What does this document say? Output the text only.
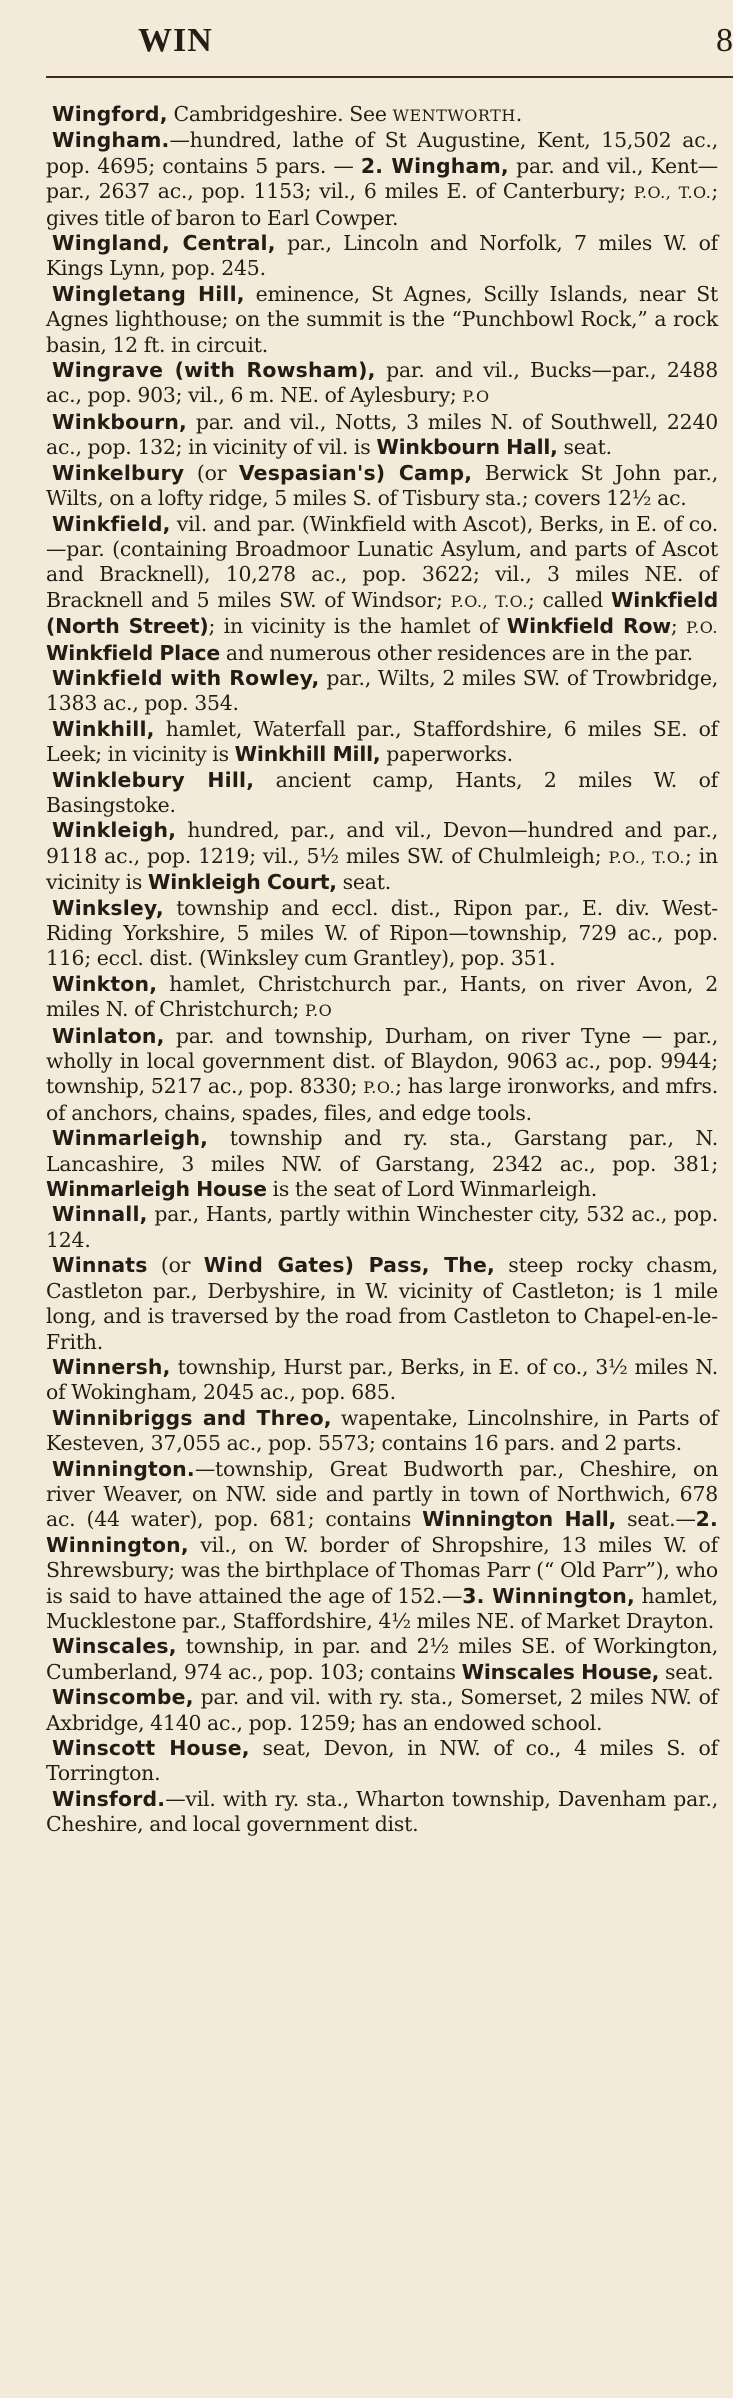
WIN	8

Wingford, Cambridgeshire. See WENTWORTH.

Wingham.—hundred, lathe of St Augustine, Kent, 15,502 ac., pop. 4695; contains 5 pars. — 2. Wingham, par. and vil., Kent—par., 2637 ac., pop. 1153; vil., 6 miles E. of Canterbury; P.O., T.O.; gives title of baron to Earl Cowper.

Wingland, Central, par., Lincoln and Norfolk, 7 miles W. of Kings Lynn, pop. 245.

Wingletang Hill, eminence, St Agnes, Scilly Islands, near St Agnes lighthouse; on the summit is the “Punchbowl Rock,” a rock basin, 12 ft. in circuit.

Wingrave (with Rowsham), par. and vil., Bucks—par., 2488 ac., pop. 903; vil., 6 m. NE. of Aylesbury; P.O

Winkbourn, par. and vil., Notts, 3 miles N. of Southwell, 2240 ac., pop. 132; in vicinity of vil. is Winkbourn Hall, seat.

Winkelbury (or Vespasian's) Camp, Berwick St John par., Wilts, on a lofty ridge, 5 miles S. of Tisbury sta.; covers 12½ ac.

Winkfield, vil. and par. (Winkfield with Ascot), Berks, in E. of co.—par. (containing Broadmoor Lunatic Asylum, and parts of Ascot and Bracknell), 10,278 ac., pop. 3622; vil., 3 miles NE. of Bracknell and 5 miles SW. of Windsor; P.O., T.O.; called Winkfield (North Street); in vicinity is the hamlet of Winkfield Row; P.O. Winkfield Place and numerous other residences are in the par.

Winkfield with Rowley, par., Wilts, 2 miles SW. of Trowbridge, 1383 ac., pop. 354.

Winkhill, hamlet, Waterfall par., Staffordshire, 6 miles SE. of Leek; in vicinity is Winkhill Mill, paperworks.

Winklebury Hill, ancient camp, Hants, 2 miles W. of Basingstoke.

Winkleigh, hundred, par., and vil., Devon—hundred and par., 9118 ac., pop. 1219; vil., 5½ miles SW. of Chulmleigh; P.O., T.O.; in vicinity is Winkleigh Court, seat.

Winksley, township and eccl. dist., Ripon par., E. div. West-Riding Yorkshire, 5 miles W. of Ripon—township, 729 ac., pop. 116; eccl. dist. (Winksley cum Grantley), pop. 351.

Winkton, hamlet, Christchurch par., Hants, on river Avon, 2 miles N. of Christchurch; P.O

Winlaton, par. and township, Durham, on river Tyne — par., wholly in local government dist. of Blaydon, 9063 ac., pop. 9944; township, 5217 ac., pop. 8330; P.O.; has large ironworks, and mfrs. of anchors, chains, spades, files, and edge tools.

Winmarleigh, township and ry. sta., Garstang par., N. Lancashire, 3 miles NW. of Garstang, 2342 ac., pop. 381; Winmarleigh House is the seat of Lord Winmarleigh.

Winnall, par., Hants, partly within Winchester city, 532 ac., pop. 124.

Winnats (or Wind Gates) Pass, The, steep rocky chasm, Castleton par., Derbyshire, in W. vicinity of Castleton; is 1 mile long, and is traversed by the road from Castleton to Chapel-en-le-Frith.

Winnersh, township, Hurst par., Berks, in E. of co., 3½ miles N. of Wokingham, 2045 ac., pop. 685.

Winnibriggs and Threo, wapentake, Lincolnshire, in Parts of Kesteven, 37,055 ac., pop. 5573; contains 16 pars. and 2 parts.

Winnington.—township, Great Budworth par., Cheshire, on river Weaver, on NW. side and partly in town of Northwich, 678 ac. (44 water), pop. 681; contains Winnington Hall, seat.—2. Winnington, vil., on W. border of Shropshire, 13 miles W. of Shrewsbury; was the birthplace of Thomas Parr (“ Old Parr”), who is said to have attained the age of 152.—3. Winnington, hamlet, Mucklestone par., Staffordshire, 4½ miles NE. of Market Drayton.

Winscales, township, in par. and 2½ miles SE. of Workington, Cumberland, 974 ac., pop. 103; contains Winscales House, seat.

Winscombe, par. and vil. with ry. sta., Somerset, 2 miles NW. of Axbridge, 4140 ac., pop. 1259; has an endowed school.

Winscott House, seat, Devon, in NW. of co., 4 miles S. of Torrington.

Winsford.—vil. with ry. sta., Wharton township, Davenham par., Cheshire, and local government dist.
